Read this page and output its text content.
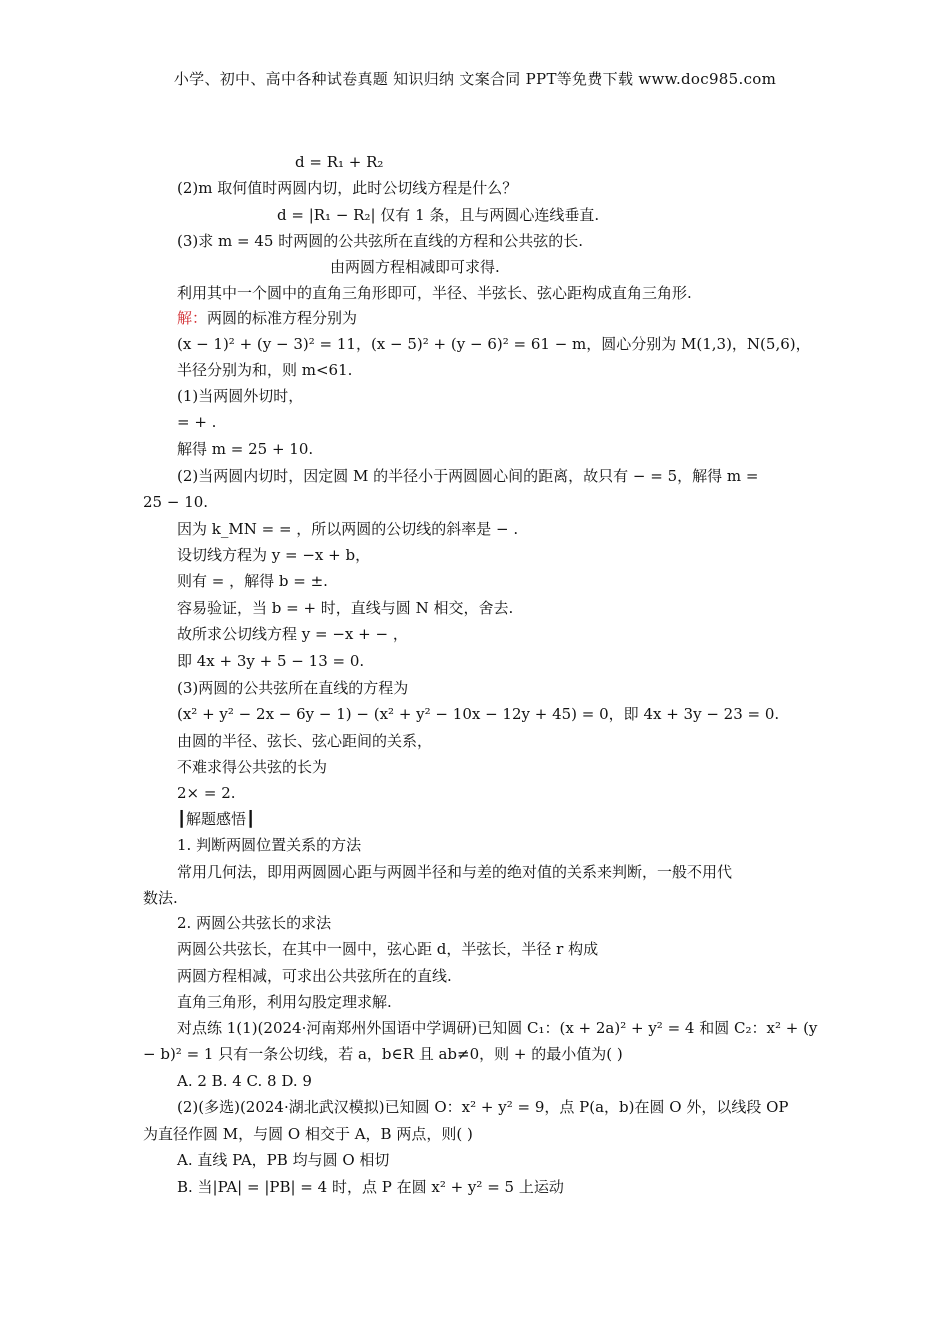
小学、初中、高中各种试卷真题 知识归纳 文案合同 PPT等免费下载 www.doc985.com
d = R₁ + R₂
(2)m 取何值时两圆内切，此时公切线方程是什么？
d = |R₁ − R₂| 仅有 1 条，且与两圆心连线垂直.
(3)求 m = 45 时两圆的公共弦所在直线的方程和公共弦的长.
由两圆方程相减即可求得.
利用其中一个圆中的直角三角形即可，半径、半弦长、弦心距构成直角三角形.
解：两圆的标准方程分别为
(x − 1)² + (y − 3)² = 11，(x − 5)² + (y − 6)² = 61 − m，圆心分别为 M(1,3)，N(5,6)，
半径分别为和，则 m<61.
(1)当两圆外切时，
= + .
解得 m = 25 + 10.
(2)当两圆内切时，因定圆 M 的半径小于两圆圆心间的距离，故只有 − = 5，解得 m =
25 − 10.
因为 k_MN = = ，所以两圆的公切线的斜率是 − .
设切线方程为 y = −x + b，
则有 = ，解得 b = ±.
容易验证，当 b = + 时，直线与圆 N 相交，舍去.
故所求公切线方程 y = −x + − ，
即 4x + 3y + 5 − 13 = 0.
(3)两圆的公共弦所在直线的方程为
(x² + y² − 2x − 6y − 1) − (x² + y² − 10x − 12y + 45) = 0，即 4x + 3y − 23 = 0.
由圆的半径、弦长、弦心距间的关系，
不难求得公共弦的长为
2× = 2.
┃解题感悟┃
1. 判断两圆位置关系的方法
常用几何法，即用两圆圆心距与两圆半径和与差的绝对值的关系来判断，一般不用代
数法.
2. 两圆公共弦长的求法
两圆公共弦长，在其中一圆中，弦心距 d，半弦长，半径 r 构成
两圆方程相减，可求出公共弦所在的直线.
直角三角形，利用勾股定理求解.
对点练 1(1)(2024·河南郑州外国语中学调研)已知圆 C₁：(x + 2a)² + y² = 4 和圆 C₂：x² + (y
− b)² = 1 只有一条公切线，若 a，b∈R 且 ab≠0，则 + 的最小值为( )
A. 2 B. 4 C. 8 D. 9
(2)(多选)(2024·湖北武汉模拟)已知圆 O：x² + y² = 9，点 P(a，b)在圆 O 外，以线段 OP
为直径作圆 M，与圆 O 相交于 A，B 两点，则( )
A. 直线 PA，PB 均与圆 O 相切
B. 当|PA| = |PB| = 4 时，点 P 在圆 x² + y² = 5 上运动
